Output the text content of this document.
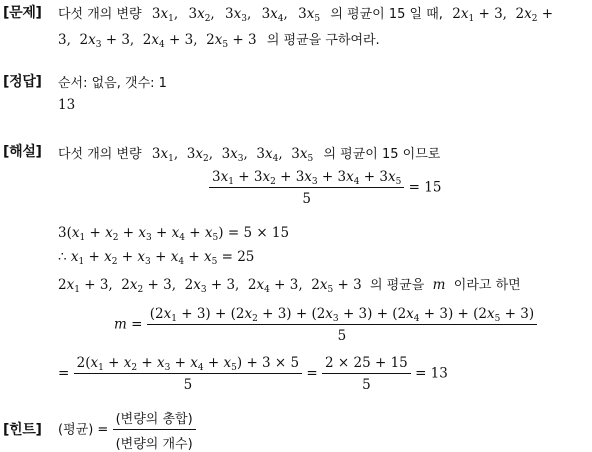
[문제] 다섯 개의 변량 $3x_1$, $3x_2$, $3x_3$, $3x_4$, $3x_5$ 의 평균이 15 일 때, $2x_1 + 3$,  $2x_2$ +
3,  $2x_3 + 3$,  $2x_4 + 3$,  $2x_5 + 3$ 의 평균을 구하여라.
[정답] 순서: 없음, 갯수: 1
13
[해설] 다섯 개의 변량 $3x_1$,  $3x_2$,  $3x_3$,  $3x_4$,  $3x_5$ 의 평균이 15 이므로
$\frac{3x_1 + 3x_2 + 3x_3 + 3x_4 + 3x_5}{5} = 15$
$3(x_1 + x_2 + x_3 + x_4 + x_5) = 5 \times 15$
∴ $x_1 + x_2 + x_3 + x_4 + x_5 = 25$
$2x_1 + 3$,  $2x_2 + 3$,  $2x_3 + 3$,  $2x_4 + 3$,  $2x_5 + 3$ 의 평균을 m 이라고 하면
$m = \frac{(2x_1 + 3) + (2x_2 + 3) + (2x_3 + 3) + (2x_4 + 3) + (2x_5 + 3)}{5}$
= $\frac{2(x_1 + x_2 + x_3 + x_4 + x_5) + 3 \times 5}{5} = \frac{2 \times 25 + 15}{5} = 13$
[힌트] (평균) = $\frac{\text{(변량의 총합)}}{\text{(변량의 개수)}}$
